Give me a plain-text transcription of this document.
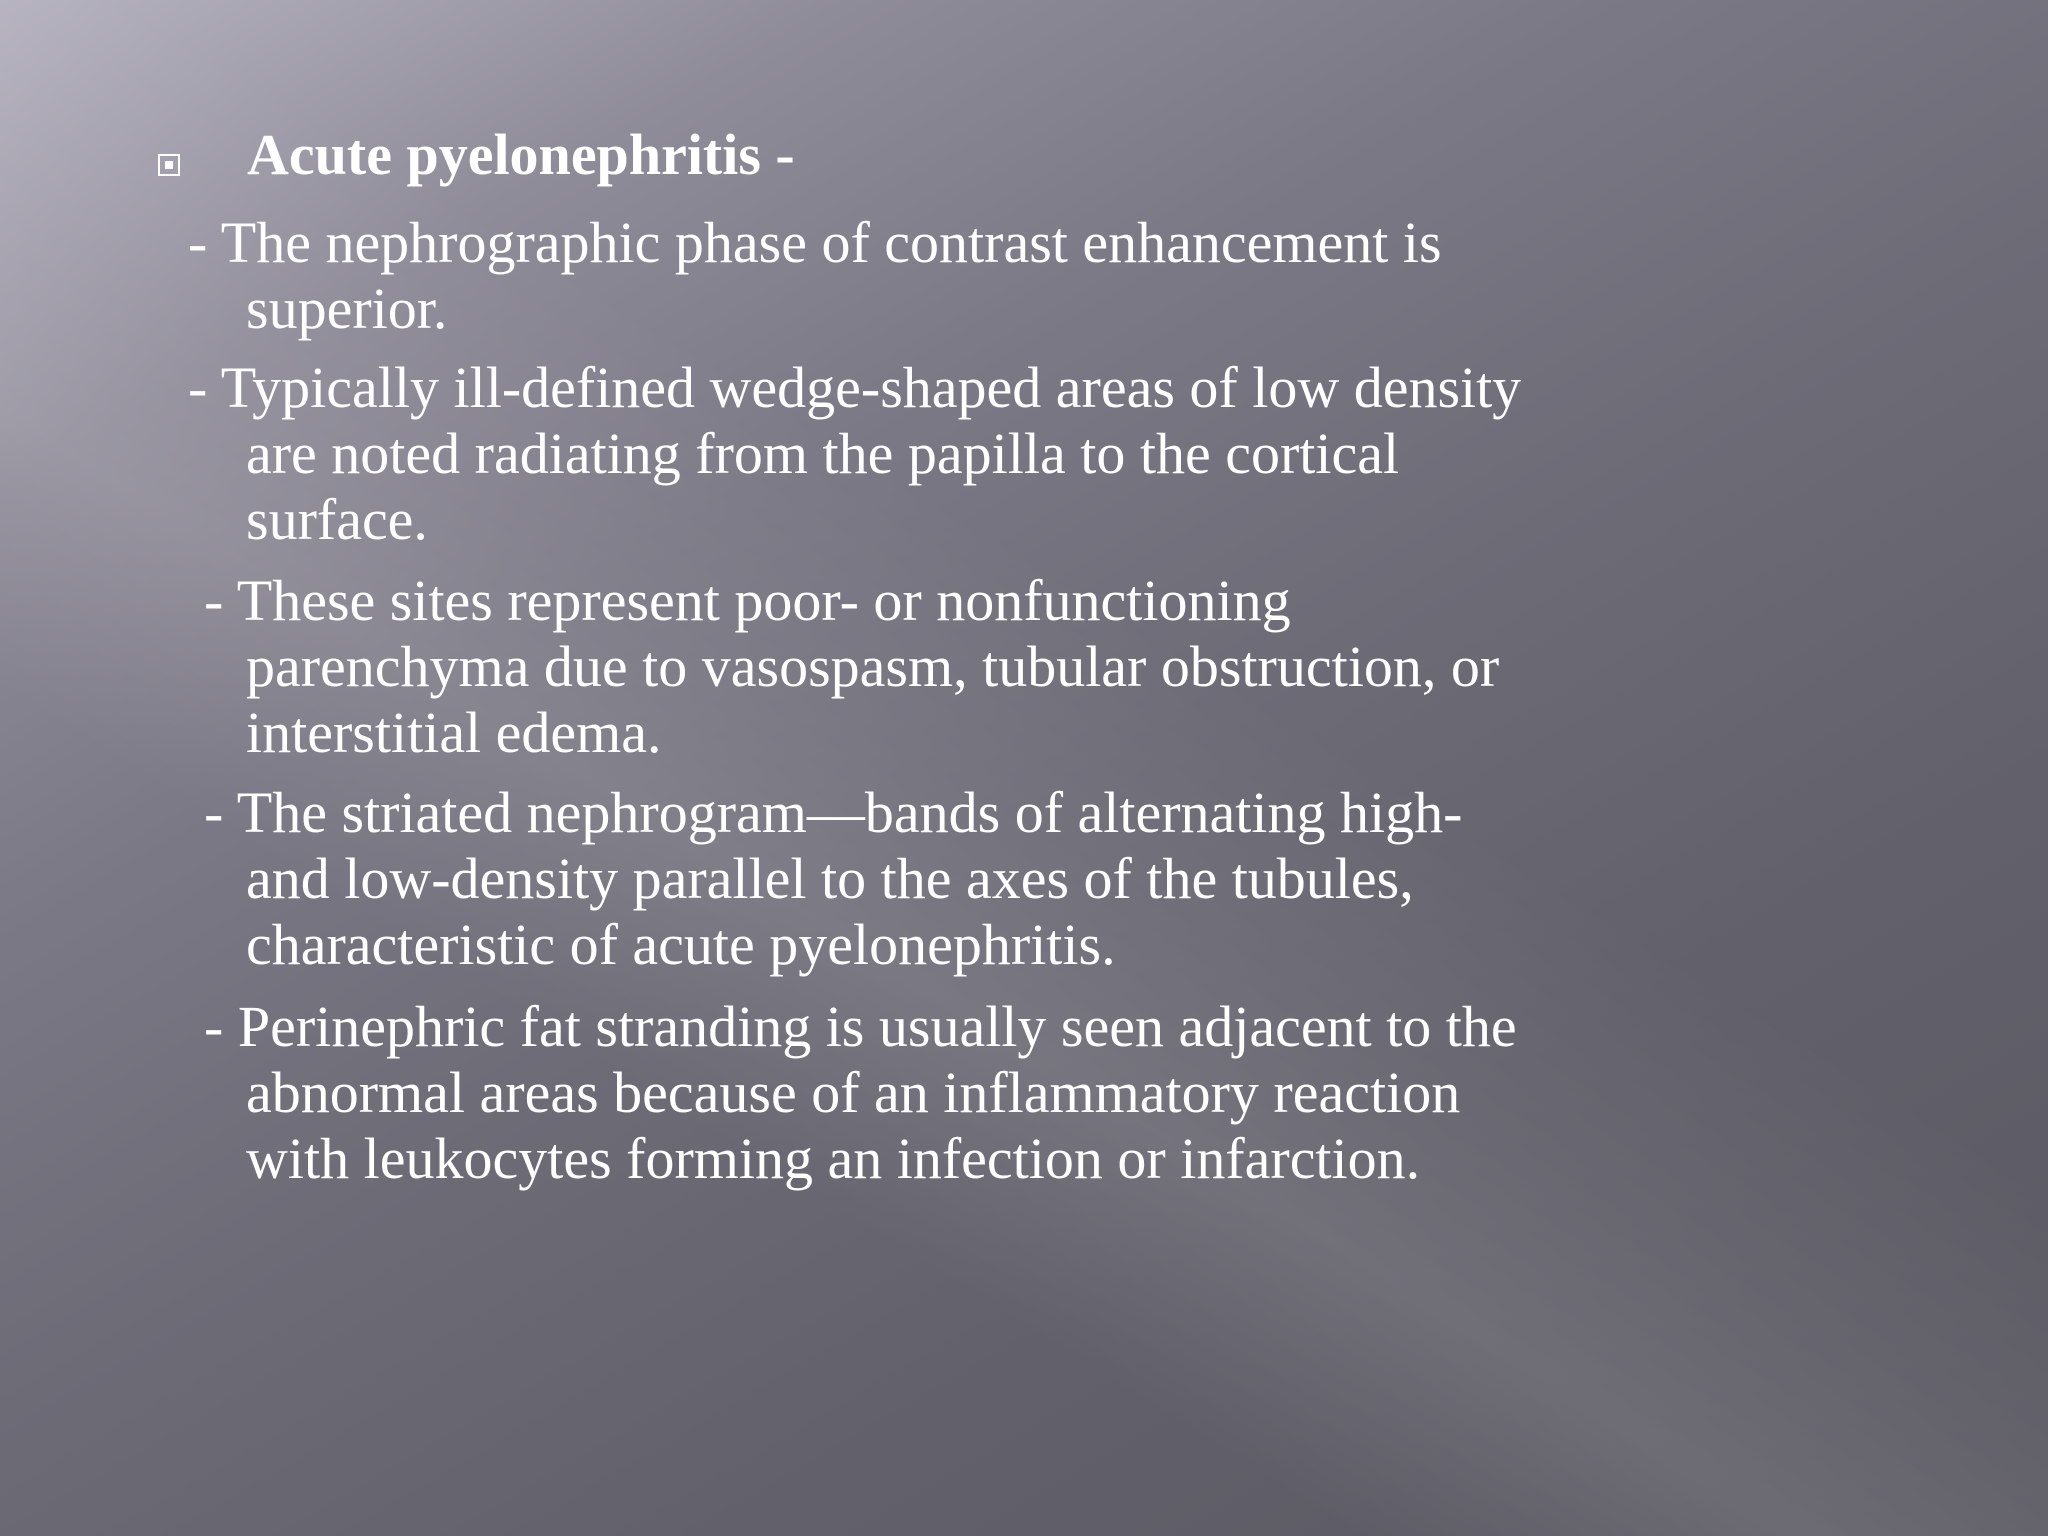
Acute pyelonephritis -
- The nephrographic phase of contrast enhancement is
superior.
- Typically ill-defined wedge-shaped areas of low density
are noted radiating from the papilla to the cortical
surface.
- These sites represent poor- or nonfunctioning
parenchyma due to vasospasm, tubular obstruction, or
interstitial edema.
- The striated nephrogram—bands of alternating high-
and low-density parallel to the axes of the tubules,
characteristic of acute pyelonephritis.
- Perinephric fat stranding is usually seen adjacent to the
abnormal areas because of an inflammatory reaction
with leukocytes forming an infection or infarction.
